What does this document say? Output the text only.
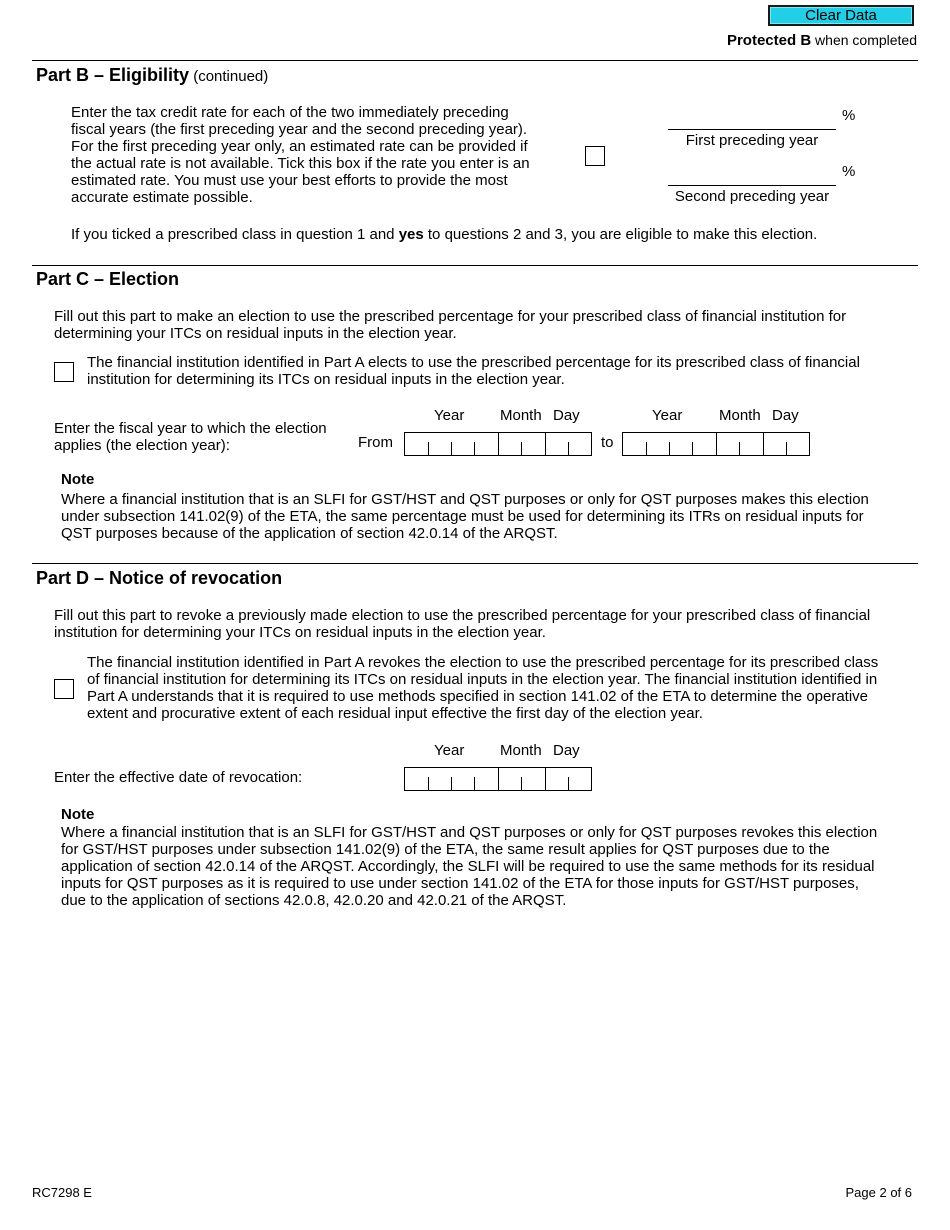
Clear Data
Protected B when completed
Part B – Eligibility (continued)
Enter the tax credit rate for each of the two immediately preceding
fiscal years (the first preceding year and the second preceding year).
For the first preceding year only, an estimated rate can be provided if
the actual rate is not available. Tick this box if the rate you enter is an
estimated rate. You must use your best efforts to provide the most
accurate estimate possible.
%
First preceding year
%
Second preceding year
If you ticked a prescribed class in question 1 and yes to questions 2 and 3, you are eligible to make this election.
Part C – Election
Fill out this part to make an election to use the prescribed percentage for your prescribed class of financial institution for
determining your ITCs on residual inputs in the election year.
The financial institution identified in Part A elects to use the prescribed percentage for its prescribed class of financial
institution for determining its ITCs on residual inputs in the election year.
Enter the fiscal year to which the election
applies (the election year):
Year Month Day	Year Month Day
From	to
Note
Where a financial institution that is an SLFI for GST/HST and QST purposes or only for QST purposes makes this election
under subsection 141.02(9) of the ETA, the same percentage must be used for determining its ITRs on residual inputs for
QST purposes because of the application of section 42.0.14 of the ARQST.
Part D – Notice of revocation
Fill out this part to revoke a previously made election to use the prescribed percentage for your prescribed class of financial
institution for determining your ITCs on residual inputs in the election year.
The financial institution identified in Part A revokes the election to use the prescribed percentage for its prescribed class
of financial institution for determining its ITCs on residual inputs in the election year. The financial institution identified in
Part A understands that it is required to use methods specified in section 141.02 of the ETA to determine the operative
extent and procurative extent of each residual input effective the first day of the election year.
Year Month Day
Enter the effective date of revocation:
Note
Where a financial institution that is an SLFI for GST/HST and QST purposes or only for QST purposes revokes this election
for GST/HST purposes under subsection 141.02(9) of the ETA, the same result applies for QST purposes due to the
application of section 42.0.14 of the ARQST. Accordingly, the SLFI will be required to use the same methods for its residual
inputs for QST purposes as it is required to use under section 141.02 of the ETA for those inputs for GST/HST purposes,
due to the application of sections 42.0.8, 42.0.20 and 42.0.21 of the ARQST.
RC7298 E	Page 2 of 6
